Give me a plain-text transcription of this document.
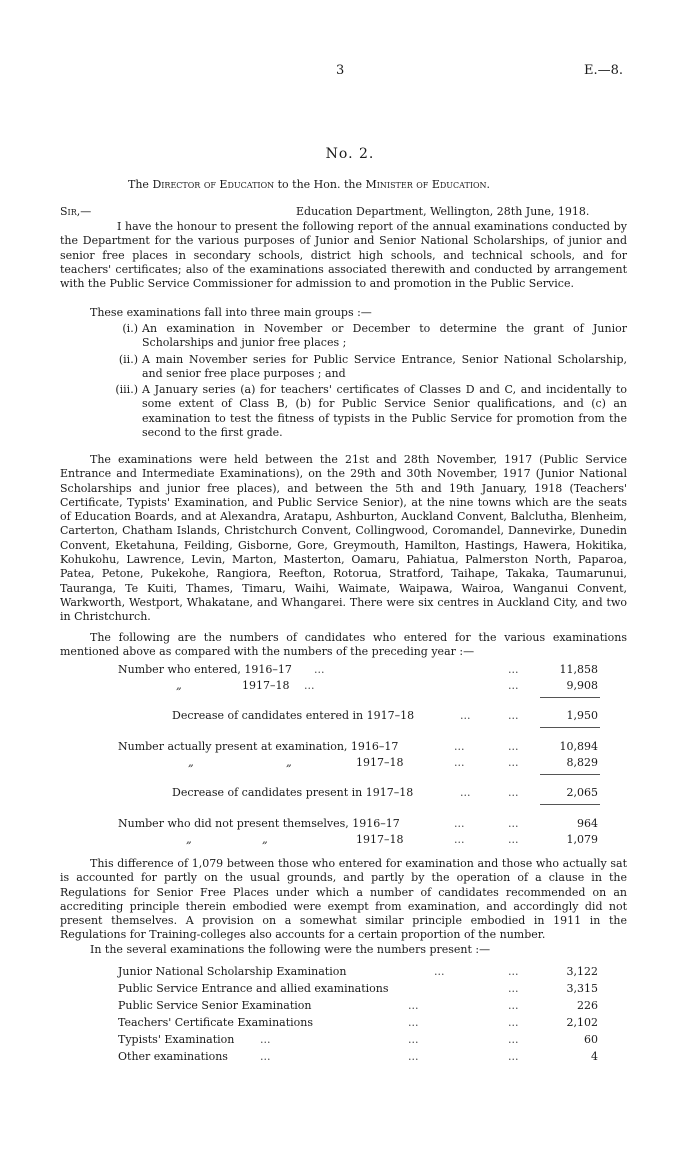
3	E.—8.
No. 2.
The Director of Education to the Hon. the Minister of Education.
Sir,—	Education Department, Wellington, 28th June, 1918.

I have the honour to present the following report of the annual examinations conducted by the Department for the various purposes of Junior and Senior National Scholarships, of junior and senior free places in secondary schools, district high schools, and technical schools, and for teachers' certificates; also of the examinations associated therewith and conducted by arrangement with the Public Service Commissioner for admission to and promotion in the Public Service.

These examinations fall into three main groups :—

(i.) An examination in November or December to determine the grant of Junior Scholarships and junior free places ;
(ii.) A main November series for Public Service Entrance, Senior National Scholarship, and senior free place purposes ; and
(iii.) A January series (a) for teachers' certificates of Classes D and C, and incidentally to some extent of Class B, (b) for Public Service Senior qualifications, and (c) an examination to test the fitness of typists in the Public Service for promotion from the second to the first grade.

The examinations were held between the 21st and 28th November, 1917 (Public Service Entrance and Intermediate Examinations), on the 29th and 30th November, 1917 (Junior National Scholarships and junior free places), and between the 5th and 19th January, 1918 (Teachers' Certificate, Typists' Examination, and Public Service Senior), at the nine towns which are the seats of Education Boards, and at Alexandra, Aratapu, Ashburton, Auckland Convent, Balclutha, Blenheim, Carterton, Chatham Islands, Christchurch Convent, Collingwood, Coromandel, Dannevirke, Dunedin Convent, Eketahuna, Feilding, Gisborne, Gore, Greymouth, Hamilton, Hastings, Hawera, Hokitika, Kohukohu, Lawrence, Levin, Marton, Masterton, Oamaru, Pahiatua, Palmerston North, Paparoa, Patea, Petone, Pukekohe, Rangiora, Reefton, Rotorua, Stratford, Taihape, Takaka, Taumarunui, Tauranga, Te Kuiti, Thames, Timaru, Waihi, Waimate, Waipawa, Wairoa, Wanganui Convent, Warkworth, Westport, Whakatane, and Whangarei. There were six centres in Auckland City, and two in Christchurch.

The following are the numbers of candidates who entered for the various examinations mentioned above as compared with the numbers of the preceding year :—

Number who entered, 1916–17 ...	...	11,858
„	1917–18 ...	...	9,908
Decrease of candidates entered in 1917–18	...	...	1,950
Number actually present at examination, 1916–17	...	...	10,894
„	„	1917–18	...	...	8,829
Decrease of candidates present in 1917–18	...	...	2,065
Number who did not present themselves, 1916–17	...	...	964
„	„	1917–18	...	...	1,079

This difference of 1,079 between those who entered for examination and those who actually sat is accounted for partly on the usual grounds, and partly by the operation of a clause in the Regulations for Senior Free Places under which a number of candidates recommended on an accrediting principle therein embodied were exempt from examination, and accordingly did not present themselves. A provision on a somewhat similar principle embodied in 1911 in the Regulations for Training-colleges also accounts for a certain proportion of the number.

In the several examinations the following were the numbers present :—

Junior National Scholarship Examination	...	...	3,122
Public Service Entrance and allied examinations	...	3,315
Public Service Senior Examination	...	...	226
Teachers' Certificate Examinations	...	...	2,102
Typists' Examination ...	...	...	60
Other examinations	...	...	...	4
